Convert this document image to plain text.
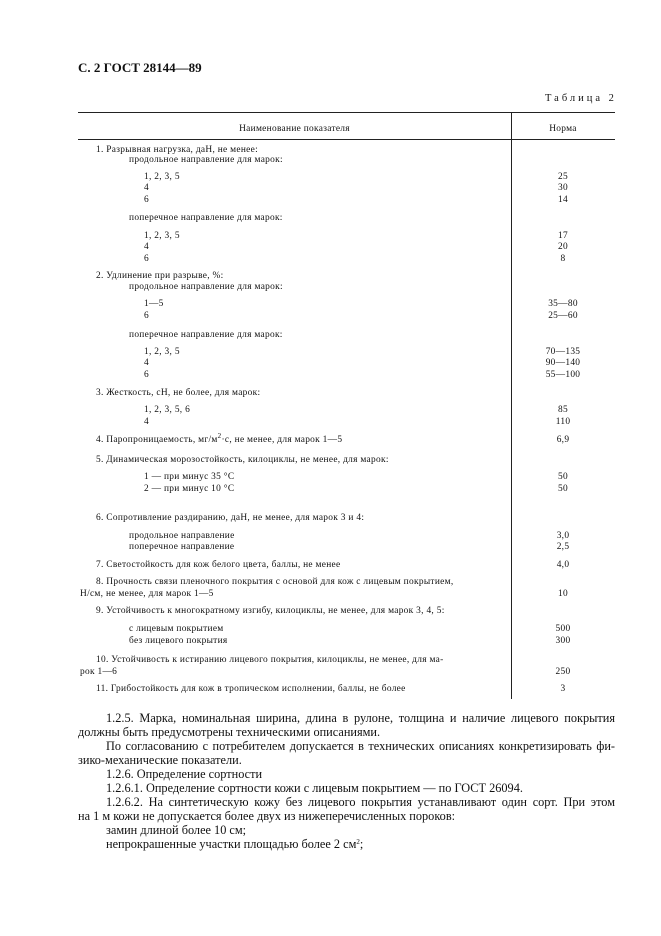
С. 2 ГОСТ 28144—89
Таблица 2
Наименование показателя	Норма
1. Разрывная нагрузка, даН, не менее:
продольное направление для марок:
1, 2, 3, 5	25
4	30
6	14
поперечное направление для марок:
1, 2, 3, 5	17
4	20
6	8
2. Удлинение при разрыве, %:
продольное направление для марок:
1—5	35—80
6	25—60
поперечное направление для марок:
1, 2, 3, 5	70—135
4	90—140
6	55—100
3. Жесткость, сН, не более, для марок:
1, 2, 3, 5, 6	85
4	110
4. Паропроницаемость, $мг/м^2\cdot с$, не менее, для марок 1—5	6,9
5. Динамическая морозостойкость, килоциклы, не менее, для марок:
1 — при минус 35 °С	50
2 — при минус 10 °С	50
6. Сопротивление раздиранию, даН, не менее, для марок 3 и 4:
продольное направление	3,0
поперечное направление	2,5
7. Светостойкость для кож белого цвета, баллы, не менее	4,0
8. Прочность связи пленочного покрытия с основой для кож с лицевым покрытием,
Н/см, не менее, для марок 1—5	10
9. Устойчивость к многократному изгибу, килоциклы, не менее, для марок 3, 4, 5:
с лицевым покрытием	500
без лицевого покрытия	300
10. Устойчивость к истиранию лицевого покрытия, килоциклы, не менее, для ма-
рок 1—6	250
11. Грибостойкость для кож в тропическом исполнении, баллы, не более	3

1.2.5. Марка, номинальная ширина, длина в рулоне, толщина и наличие лицевого покрытия

должны быть предусмотрены техническими описаниями.

По согласованию с потребителем допускается в технических описаниях конкретизировать фи-

зико-механические показатели.

1.2.6. Определение сортности

1.2.6.1. Определение сортности кожи с лицевым покрытием — по ГОСТ 26094.

1.2.6.2. На синтетическую кожу без лицевого покрытия устанавливают один сорт. При этом

на 1 м кожи не допускается более двух из нижеперечисленных пороков:

замин длиной более 10 см;

непрокрашенные участки площадью более 2 $см^2$;
